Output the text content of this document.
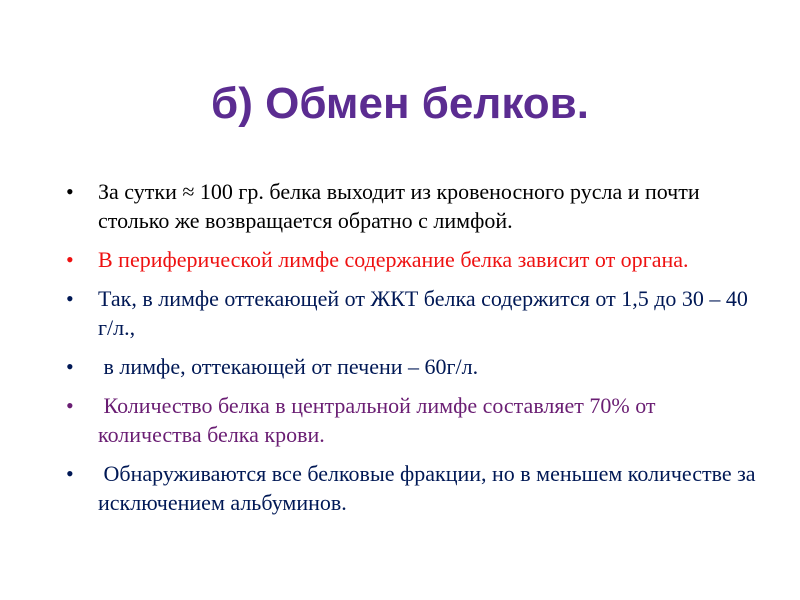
б) Обмен белков.
•	За сутки ≈ 100 гр. белка выходит из кровеносного русла и почти столько же возвращается обратно с лимфой.
•	В периферической лимфе содержание белка зависит от органа.
•	Так, в лимфе оттекающей от ЖКТ белка содержится от 1,5 до 30 – 40 г/л.,
•	в лимфе, оттекающей от печени – 60г/л.
•	Количество белка в центральной лимфе составляет 70% от количества белка крови.
•	Обнаруживаются все белковые фракции, но в меньшем количестве за исключением альбуминов.
